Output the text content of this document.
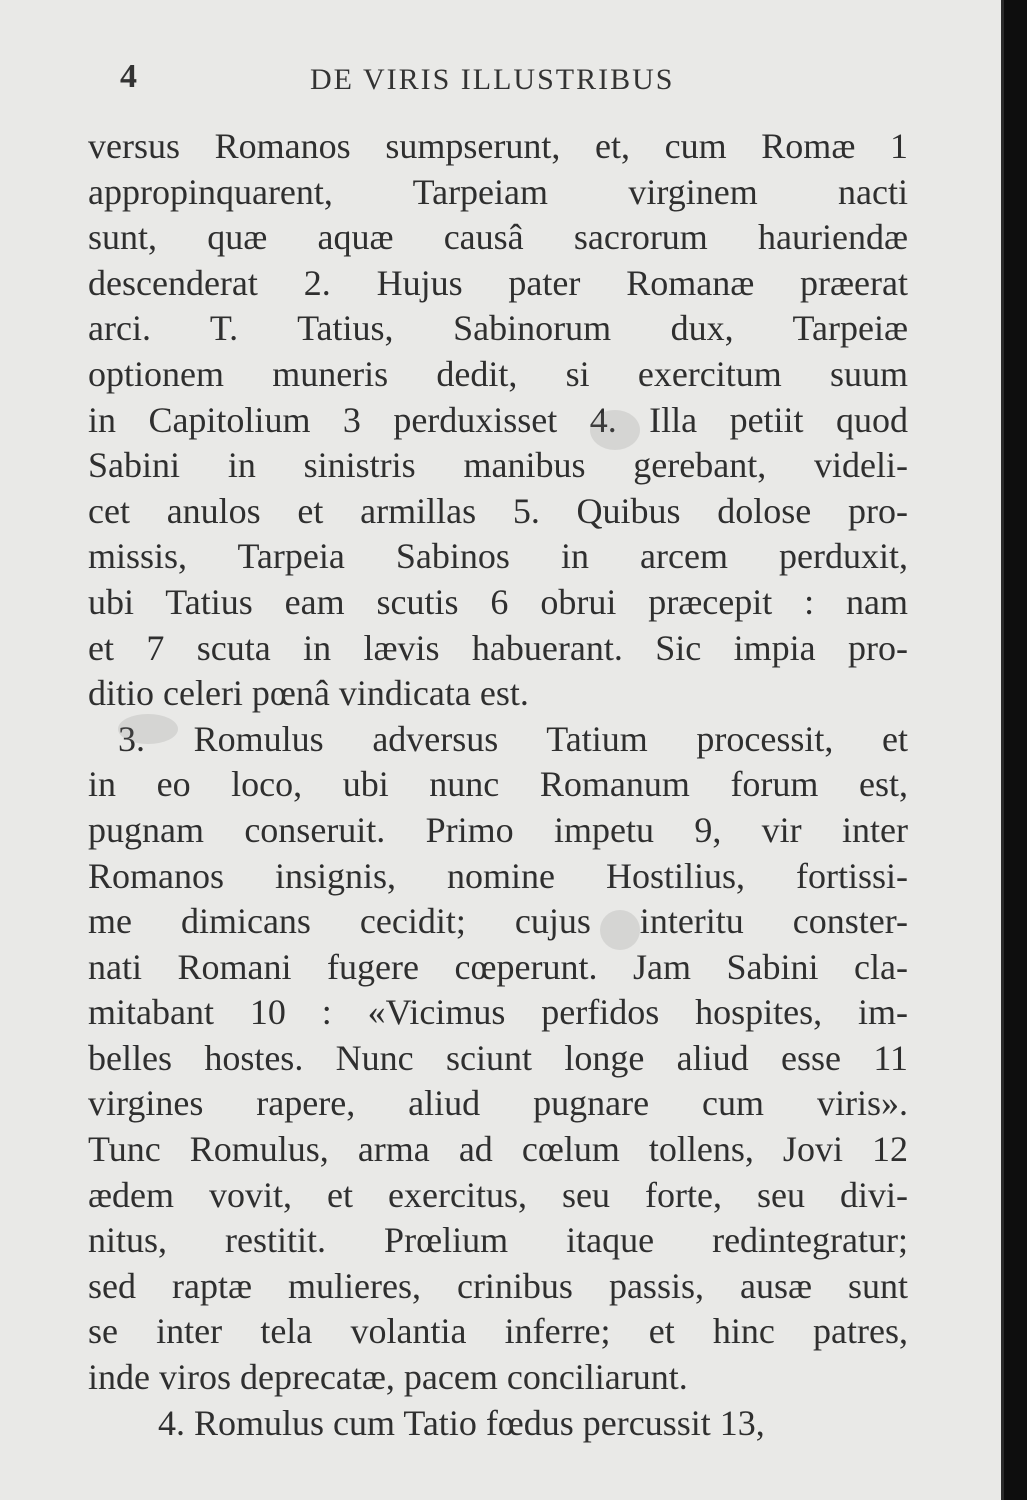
4	DE VIRIS ILLUSTRIBUS
versus Romanos sumpserunt, et, cum Romæ 1
appropinquarent, Tarpeiam virginem nacti
sunt, quæ aquæ causâ sacrorum hauriendæ
descenderat 2. Hujus pater Romanæ præerat
arci. T. Tatius, Sabinorum dux, Tarpeiæ
optionem muneris dedit, si exercitum suum
in Capitolium 3 perduxisset 4. Illa petiit quod
Sabini in sinistris manibus gerebant, videli-
cet anulos et armillas 5. Quibus dolose pro-
missis, Tarpeia Sabinos in arcem perduxit,
ubi Tatius eam scutis 6 obrui præcepit : nam
et 7 scuta in lævis habuerant. Sic impia pro-
ditio celeri pœnâ vindicata est.
3. Romulus adversus Tatium processit, et
in eo loco, ubi nunc Romanum forum est,
pugnam conseruit. Primo impetu 9, vir inter
Romanos insignis, nomine Hostilius, fortissi-
me dimicans cecidit; cujus interitu conster-
nati Romani fugere cœperunt. Jam Sabini cla-
mitabant 10 : «Vicimus perfidos hospites, im-
belles hostes. Nunc sciunt longe aliud esse 11
virgines rapere, aliud pugnare cum viris».
Tunc Romulus, arma ad cœlum tollens, Jovi 12
ædem vovit, et exercitus, seu forte, seu divi-
nitus, restitit. Prœlium itaque redintegratur;
sed raptæ mulieres, crinibus passis, ausæ sunt
se inter tela volantia inferre; et hinc patres,
inde viros deprecatæ, pacem conciliarunt.
4. Romulus cum Tatio fœdus percussit 13,
